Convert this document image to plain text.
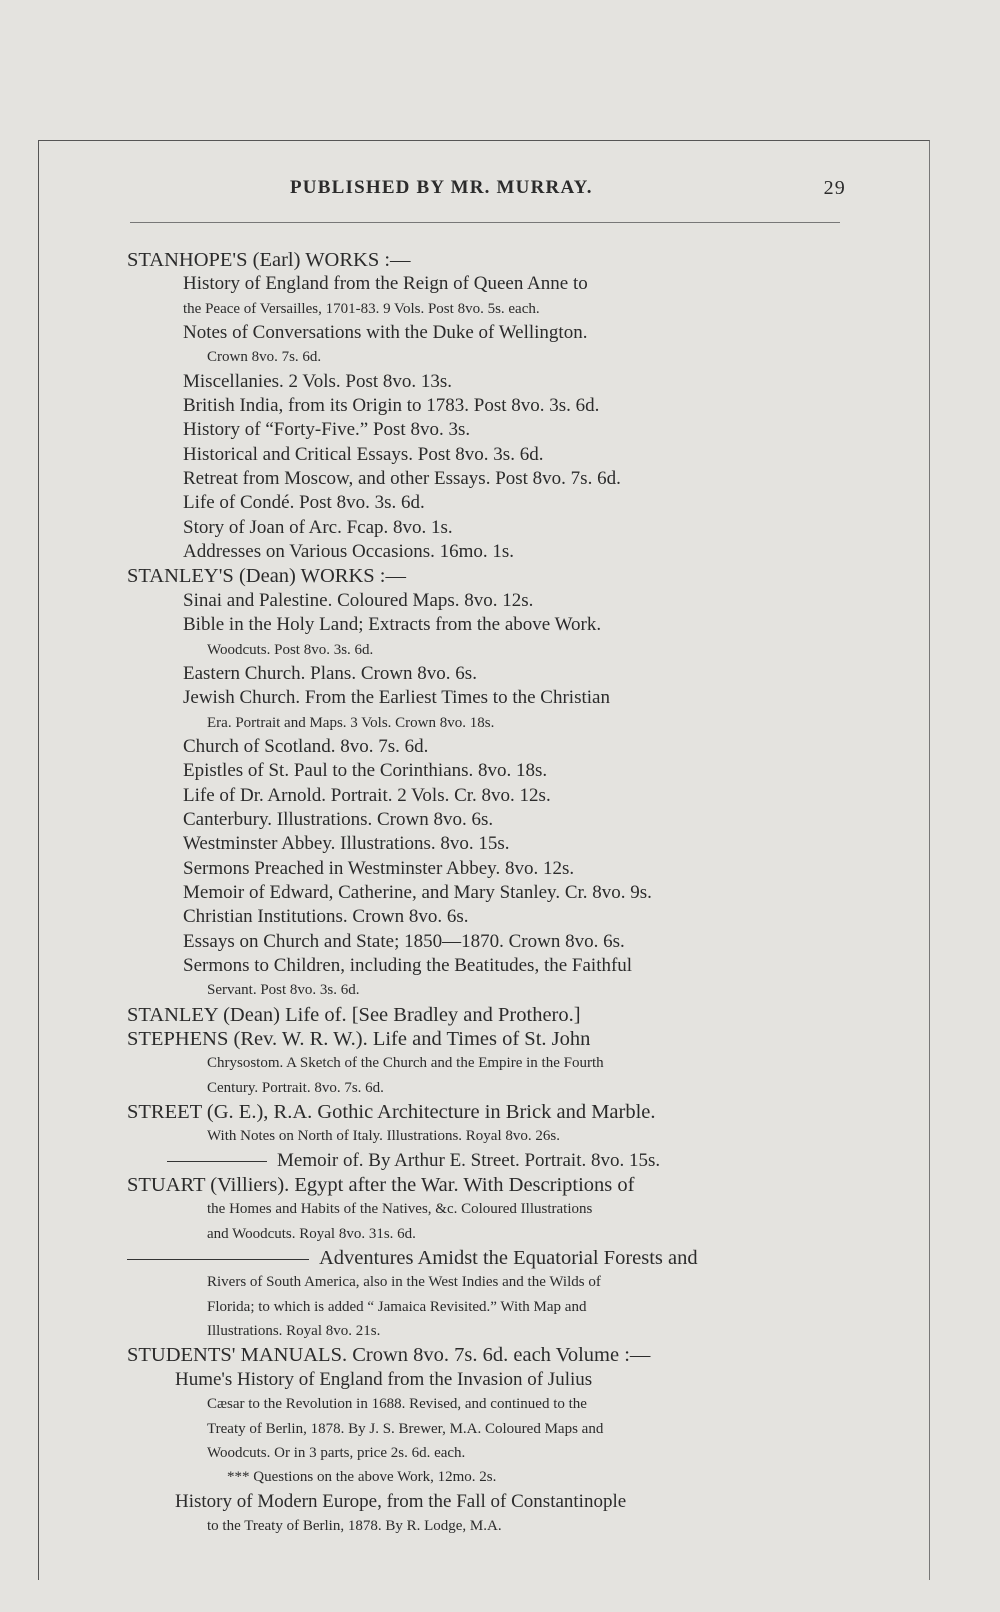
PUBLISHED BY MR. MURRAY.	29
STANHOPE'S (Earl) WORKS :—
History of England from the Reign of Queen Anne to
the Peace of Versailles, 1701-83. 9 Vols. Post 8vo. 5s. each.
Notes of Conversations with the Duke of Wellington.
Crown 8vo. 7s. 6d.
Miscellanies. 2 Vols. Post 8vo. 13s.
British India, from its Origin to 1783. Post 8vo. 3s. 6d.
History of “Forty-Five.” Post 8vo. 3s.
Historical and Critical Essays. Post 8vo. 3s. 6d.
Retreat from Moscow, and other Essays. Post 8vo. 7s. 6d.
Life of Condé. Post 8vo. 3s. 6d.
Story of Joan of Arc. Fcap. 8vo. 1s.
Addresses on Various Occasions. 16mo. 1s.
STANLEY'S (Dean) WORKS :—
Sinai and Palestine. Coloured Maps. 8vo. 12s.
Bible in the Holy Land; Extracts from the above Work.
Woodcuts. Post 8vo. 3s. 6d.
Eastern Church. Plans. Crown 8vo. 6s.
Jewish Church. From the Earliest Times to the Christian
Era. Portrait and Maps. 3 Vols. Crown 8vo. 18s.
Church of Scotland. 8vo. 7s. 6d.
Epistles of St. Paul to the Corinthians. 8vo. 18s.
Life of Dr. Arnold. Portrait. 2 Vols. Cr. 8vo. 12s.
Canterbury. Illustrations. Crown 8vo. 6s.
Westminster Abbey. Illustrations. 8vo. 15s.
Sermons Preached in Westminster Abbey. 8vo. 12s.
Memoir of Edward, Catherine, and Mary Stanley. Cr. 8vo. 9s.
Christian Institutions. Crown 8vo. 6s.
Essays on Church and State; 1850—1870. Crown 8vo. 6s.
Sermons to Children, including the Beatitudes, the Faithful
Servant. Post 8vo. 3s. 6d.
STANLEY (Dean) Life of. [See Bradley and Prothero.]
STEPHENS (Rev. W. R. W.). Life and Times of St. John
Chrysostom. A Sketch of the Church and the Empire in the Fourth
Century. Portrait. 8vo. 7s. 6d.
STREET (G. E.), R.A. Gothic Architecture in Brick and Marble.
With Notes on North of Italy. Illustrations. Royal 8vo. 26s.
Memoir of. By Arthur E. Street. Portrait. 8vo. 15s.
STUART (Villiers). Egypt after the War. With Descriptions of
the Homes and Habits of the Natives, &c. Coloured Illustrations
and Woodcuts. Royal 8vo. 31s. 6d.
Adventures Amidst the Equatorial Forests and
Rivers of South America, also in the West Indies and the Wilds of
Florida; to which is added “ Jamaica Revisited.” With Map and
Illustrations. Royal 8vo. 21s.
STUDENTS' MANUALS. Crown 8vo. 7s. 6d. each Volume :—
Hume's History of England from the Invasion of Julius
Cæsar to the Revolution in 1688. Revised, and continued to the
Treaty of Berlin, 1878. By J. S. Brewer, M.A. Coloured Maps and
Woodcuts. Or in 3 parts, price 2s. 6d. each.
*** Questions on the above Work, 12mo. 2s.
History of Modern Europe, from the Fall of Constantinople
to the Treaty of Berlin, 1878. By R. Lodge, M.A.
